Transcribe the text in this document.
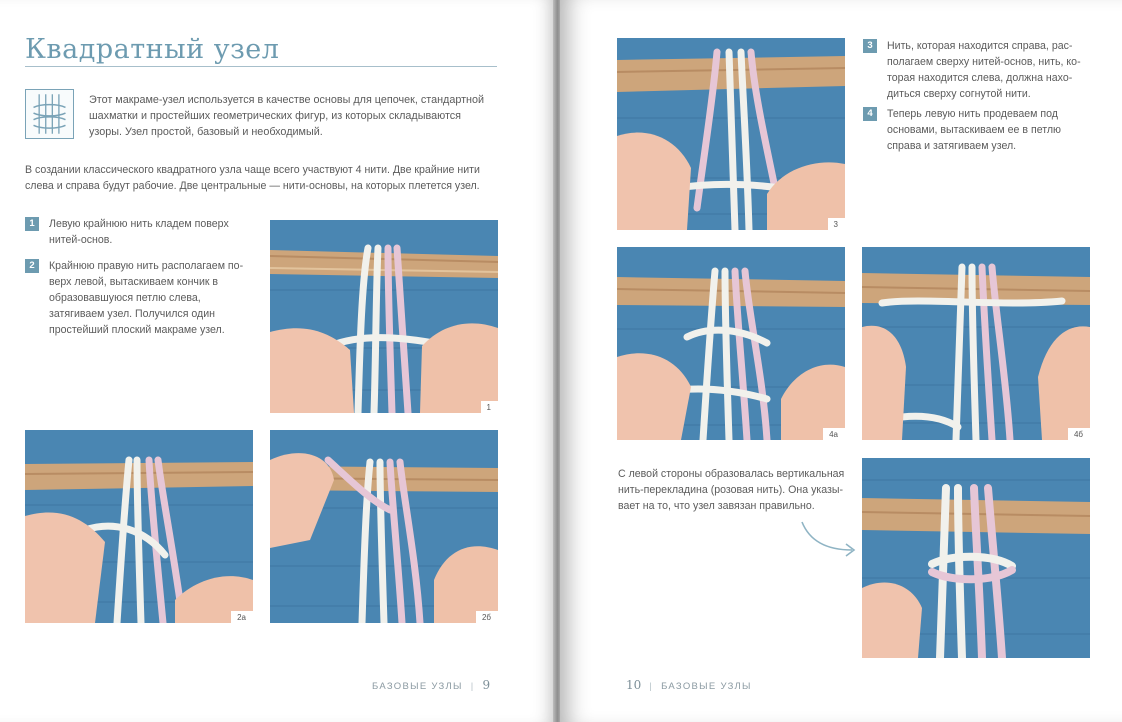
Квадратный узел
Этот макраме-узел используется в качестве основы для цепочек, стандартной шахматки и простейших геометрических фигур, из которых складываются узоры. Узел простой, базовый и необходимый.
В создании классического квадратного узла чаще всего участвуют 4 нити. Две крайние нити слева и справа будут рабочие. Две центральные — нити-основы, на которых плетется узел.
1	Левую крайнюю нить кладем поверх нитей-основ.
2	Крайнюю правую нить располагаем поверх левой, вытаскиваем кончик в образовавшуюся петлю слева, затягиваем узел. Получился один простейший плоский макраме узел.
1
2а	2б
БАЗОВЫЕ УЗЛЫ | 9
3
3	Нить, которая находится справа, располагаем сверху нитей-основ, нить, которая находится слева, должна находиться сверху согнутой нити.
4	Теперь левую нить продеваем под основами, вытаскиваем ее в петлю справа и затягиваем узел.
4а	4б
С левой стороны образовалась вертикальная нить-перекладина (розовая нить). Она указывает на то, что узел завязан правильно.
10 | БАЗОВЫЕ УЗЛЫ
